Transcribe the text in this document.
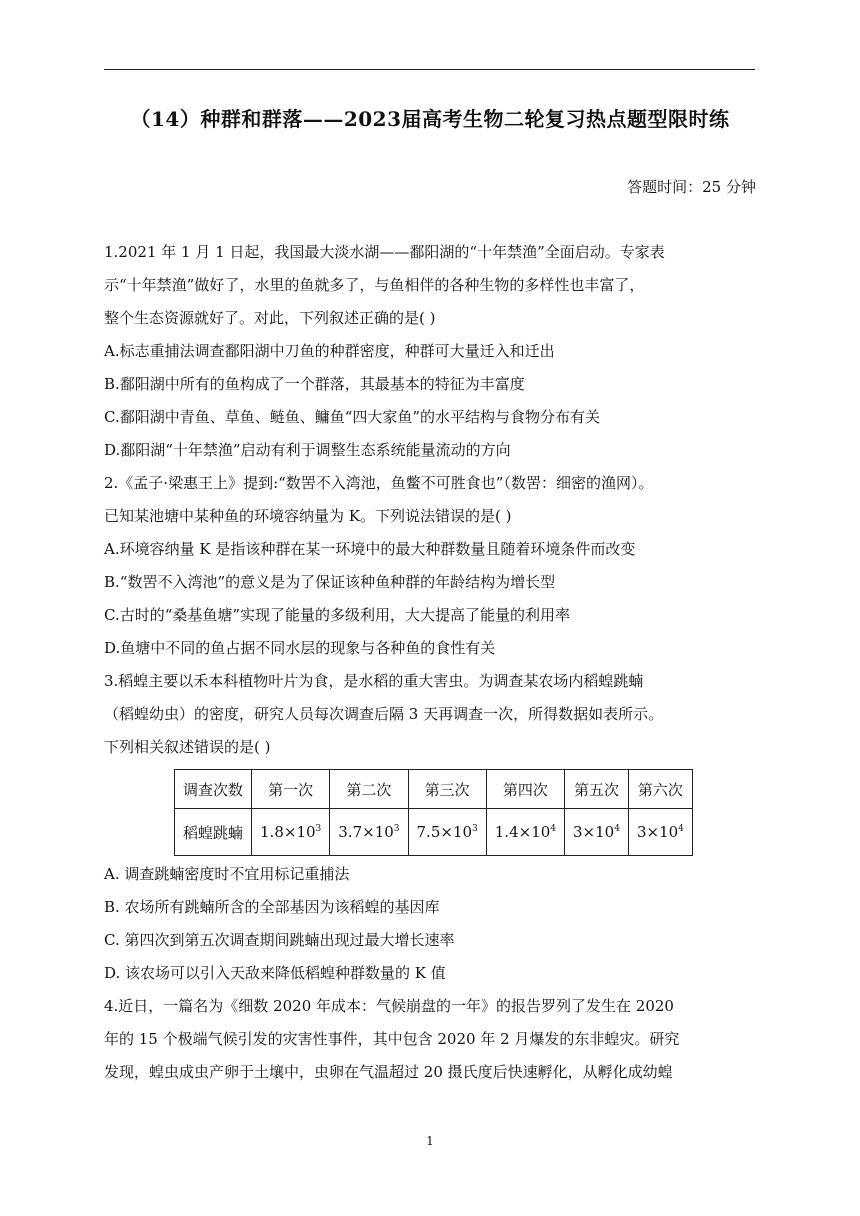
（14）种群和群落——2023届高考生物二轮复习热点题型限时练
答题时间：25 分钟
1.2021 年 1 月 1 日起，我国最大淡水湖——鄱阳湖的“十年禁渔”全面启动。专家表
示“十年禁渔”做好了，水里的鱼就多了，与鱼相伴的各种生物的多样性也丰富了，
整个生态资源就好了。对此，下列叙述正确的是( )
A.标志重捕法调查鄱阳湖中刀鱼的种群密度，种群可大量迁入和迁出
B.鄱阳湖中所有的鱼构成了一个群落，其最基本的特征为丰富度
C.鄱阳湖中青鱼、草鱼、鲢鱼、鳙鱼“四大家鱼”的水平结构与食物分布有关
D.鄱阳湖“十年禁渔”启动有利于调整生态系统能量流动的方向
2.《孟子·梁惠王上》提到:“数罟不入湾池，鱼鳖不可胜食也”（数罟：细密的渔网）。
已知某池塘中某种鱼的环境容纳量为 K。下列说法错误的是( )
A.环境容纳量 K 是指该种群在某一环境中的最大种群数量且随着环境条件而改变
B.“数罟不入湾池”的意义是为了保证该种鱼种群的年龄结构为增长型
C.古时的“桑基鱼塘”实现了能量的多级利用，大大提高了能量的利用率
D.鱼塘中不同的鱼占据不同水层的现象与各种鱼的食性有关
3.稻蝗主要以禾本科植物叶片为食，是水稻的重大害虫。为调查某农场内稻蝗跳蝻
（稻蝗幼虫）的密度，研究人员每次调查后隔 3 天再调查一次，所得数据如表所示。
下列相关叙述错误的是( )
调查次数	第一次	第二次	第三次	第四次	第五次	第六次
稻蝗跳蝻	$1.8\times 10^3$	$3.7\times 10^3$	$7.5\times 10^3$	$1.4\times 10^4$	$3\times 10^4$	$3\times 10^4$
A. 调查跳蝻密度时不宜用标记重捕法
B. 农场所有跳蝻所含的全部基因为该稻蝗的基因库
C. 第四次到第五次调查期间跳蝻出现过最大增长速率
D. 该农场可以引入天敌来降低稻蝗种群数量的 K 值
4.近日，一篇名为《细数 2020 年成本：气候崩盘的一年》的报告罗列了发生在 2020
年的 15 个极端气候引发的灾害性事件，其中包含 2020 年 2 月爆发的东非蝗灾。研究
发现，蝗虫成虫产卵于土壤中，虫卵在气温超过 20 摄氏度后快速孵化，从孵化成幼蝗
1
